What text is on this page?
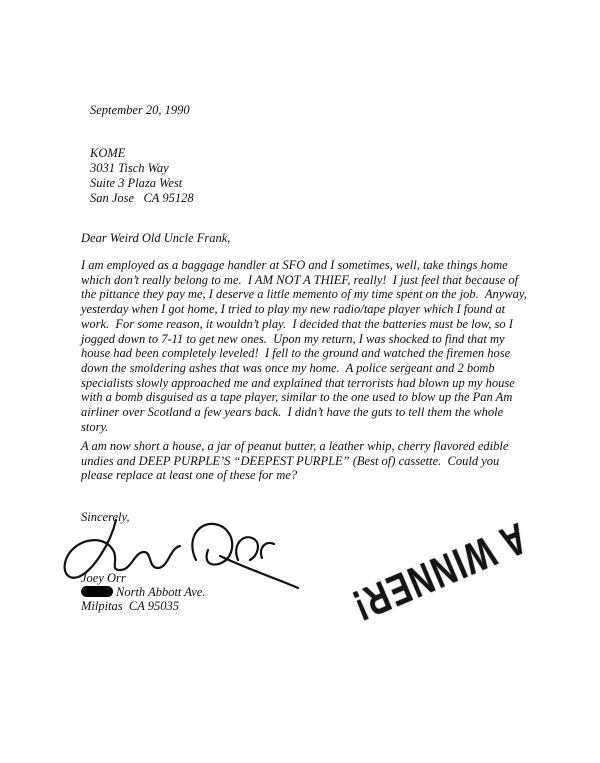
September 20, 1990
KOME
3031 Tisch Way
Suite 3 Plaza West
San Jose   CA 95128
Dear Weird Old Uncle Frank,
I am employed as a baggage handler at SFO and I sometimes, well, take things home
which don’t really belong to me.  I AM NOT A THIEF, really!  I just feel that because of
the pittance they pay me, I deserve a little memento of my time spent on the job.  Anyway,
yesterday when I got home, I tried to play my new radio/tape player which I found at
work.  For some reason, it wouldn’t play.  I decided that the batteries must be low, so I
jogged down to 7-11 to get new ones.  Upon my return, I was shocked to find that my
house had been completely leveled!  I fell to the ground and watched the firemen hose
down the smoldering ashes that was once my home.  A police sergeant and 2 bomb
specialists slowly approached me and explained that terrorists had blown up my house
with a bomb disguised as a tape player, similar to the one used to blow up the Pan Am
airliner over Scotland a few years back.  I didn’t have the guts to tell them the whole
story.
A am now short a house, a jar of peanut butter, a leather whip, cherry flavored edible
undies and DEEP PURPLE’S “DEEPEST PURPLE” (Best of) cassette.  Could you
please replace at least one of these for me?
Sincerely,
Joey Orr
North Abbott Ave.
Milpitas  CA 95035	A WINNER!
